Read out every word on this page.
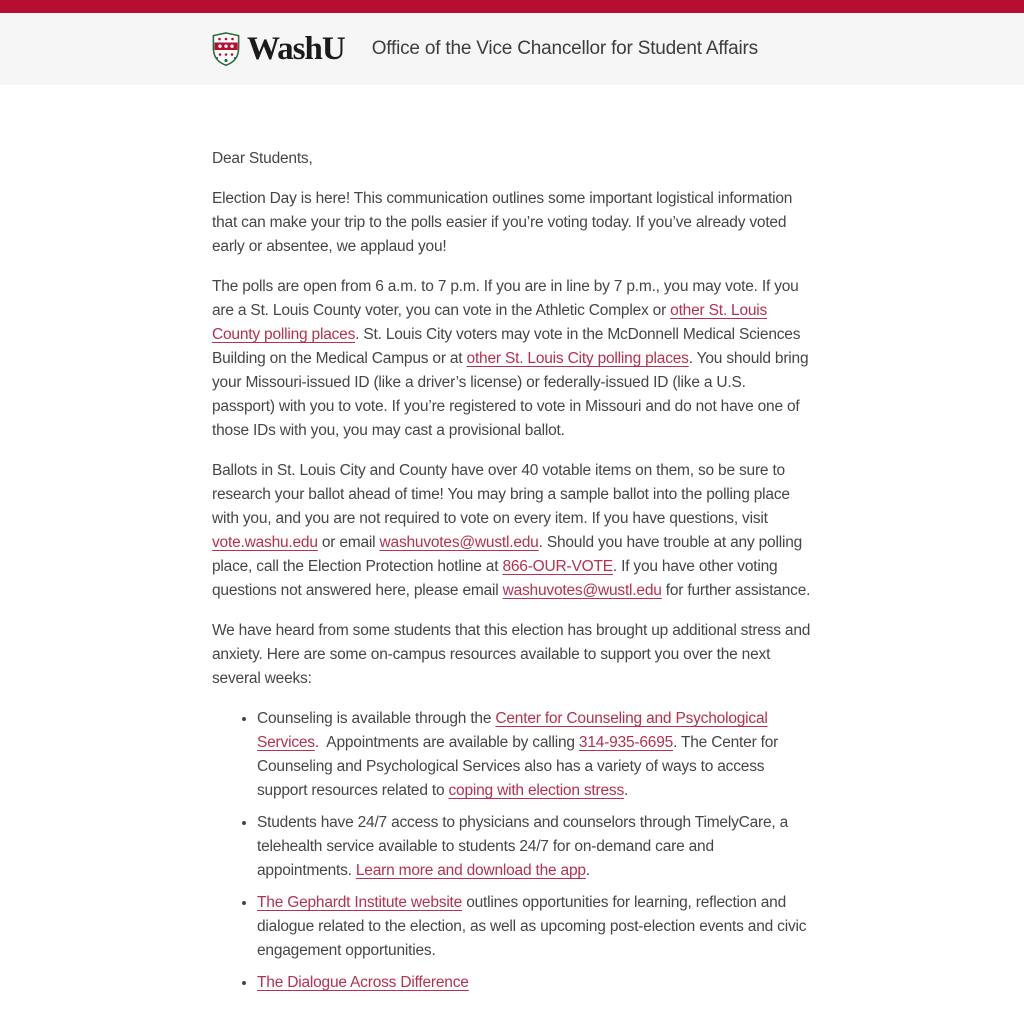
WashU Office of the Vice Chancellor for Student Affairs

Dear Students,

Election Day is here! This communication outlines some important logistical information that can make your trip to the polls easier if you’re voting today. If you’ve already voted early or absentee, we applaud you!

The polls are open from 6 a.m. to 7 p.m. If you are in line by 7 p.m., you may vote. If you are a St. Louis County voter, you can vote in the Athletic Complex or other St. Louis County polling places. St. Louis City voters may vote in the McDonnell Medical Sciences Building on the Medical Campus or at other St. Louis City polling places. You should bring your Missouri-issued ID (like a driver’s license) or federally-issued ID (like a U.S. passport) with you to vote. If you’re registered to vote in Missouri and do not have one of those IDs with you, you may cast a provisional ballot.

Ballots in St. Louis City and County have over 40 votable items on them, so be sure to research your ballot ahead of time! You may bring a sample ballot into the polling place with you, and you are not required to vote on every item. If you have questions, visit vote.washu.edu or email washuvotes@wustl.edu. Should you have trouble at any polling place, call the Election Protection hotline at 866-OUR-VOTE. If you have other voting questions not answered here, please email washuvotes@wustl.edu for further assistance.

We have heard from some students that this election has brought up additional stress and anxiety. Here are some on-campus resources available to support you over the next several weeks:

• Counseling is available through the Center for Counseling and Psychological Services.  Appointments are available by calling 314-935-6695. The Center for Counseling and Psychological Services also has a variety of ways to access support resources related to coping with election stress.
• Students have 24/7 access to physicians and counselors through TimelyCare, a telehealth service available to students 24/7 for on-demand care and appointments. Learn more and download the app.
• The Gephardt Institute website outlines opportunities for learning, reflection and dialogue related to the election, as well as upcoming post-election events and civic engagement opportunities.
• The Dialogue Across Difference
